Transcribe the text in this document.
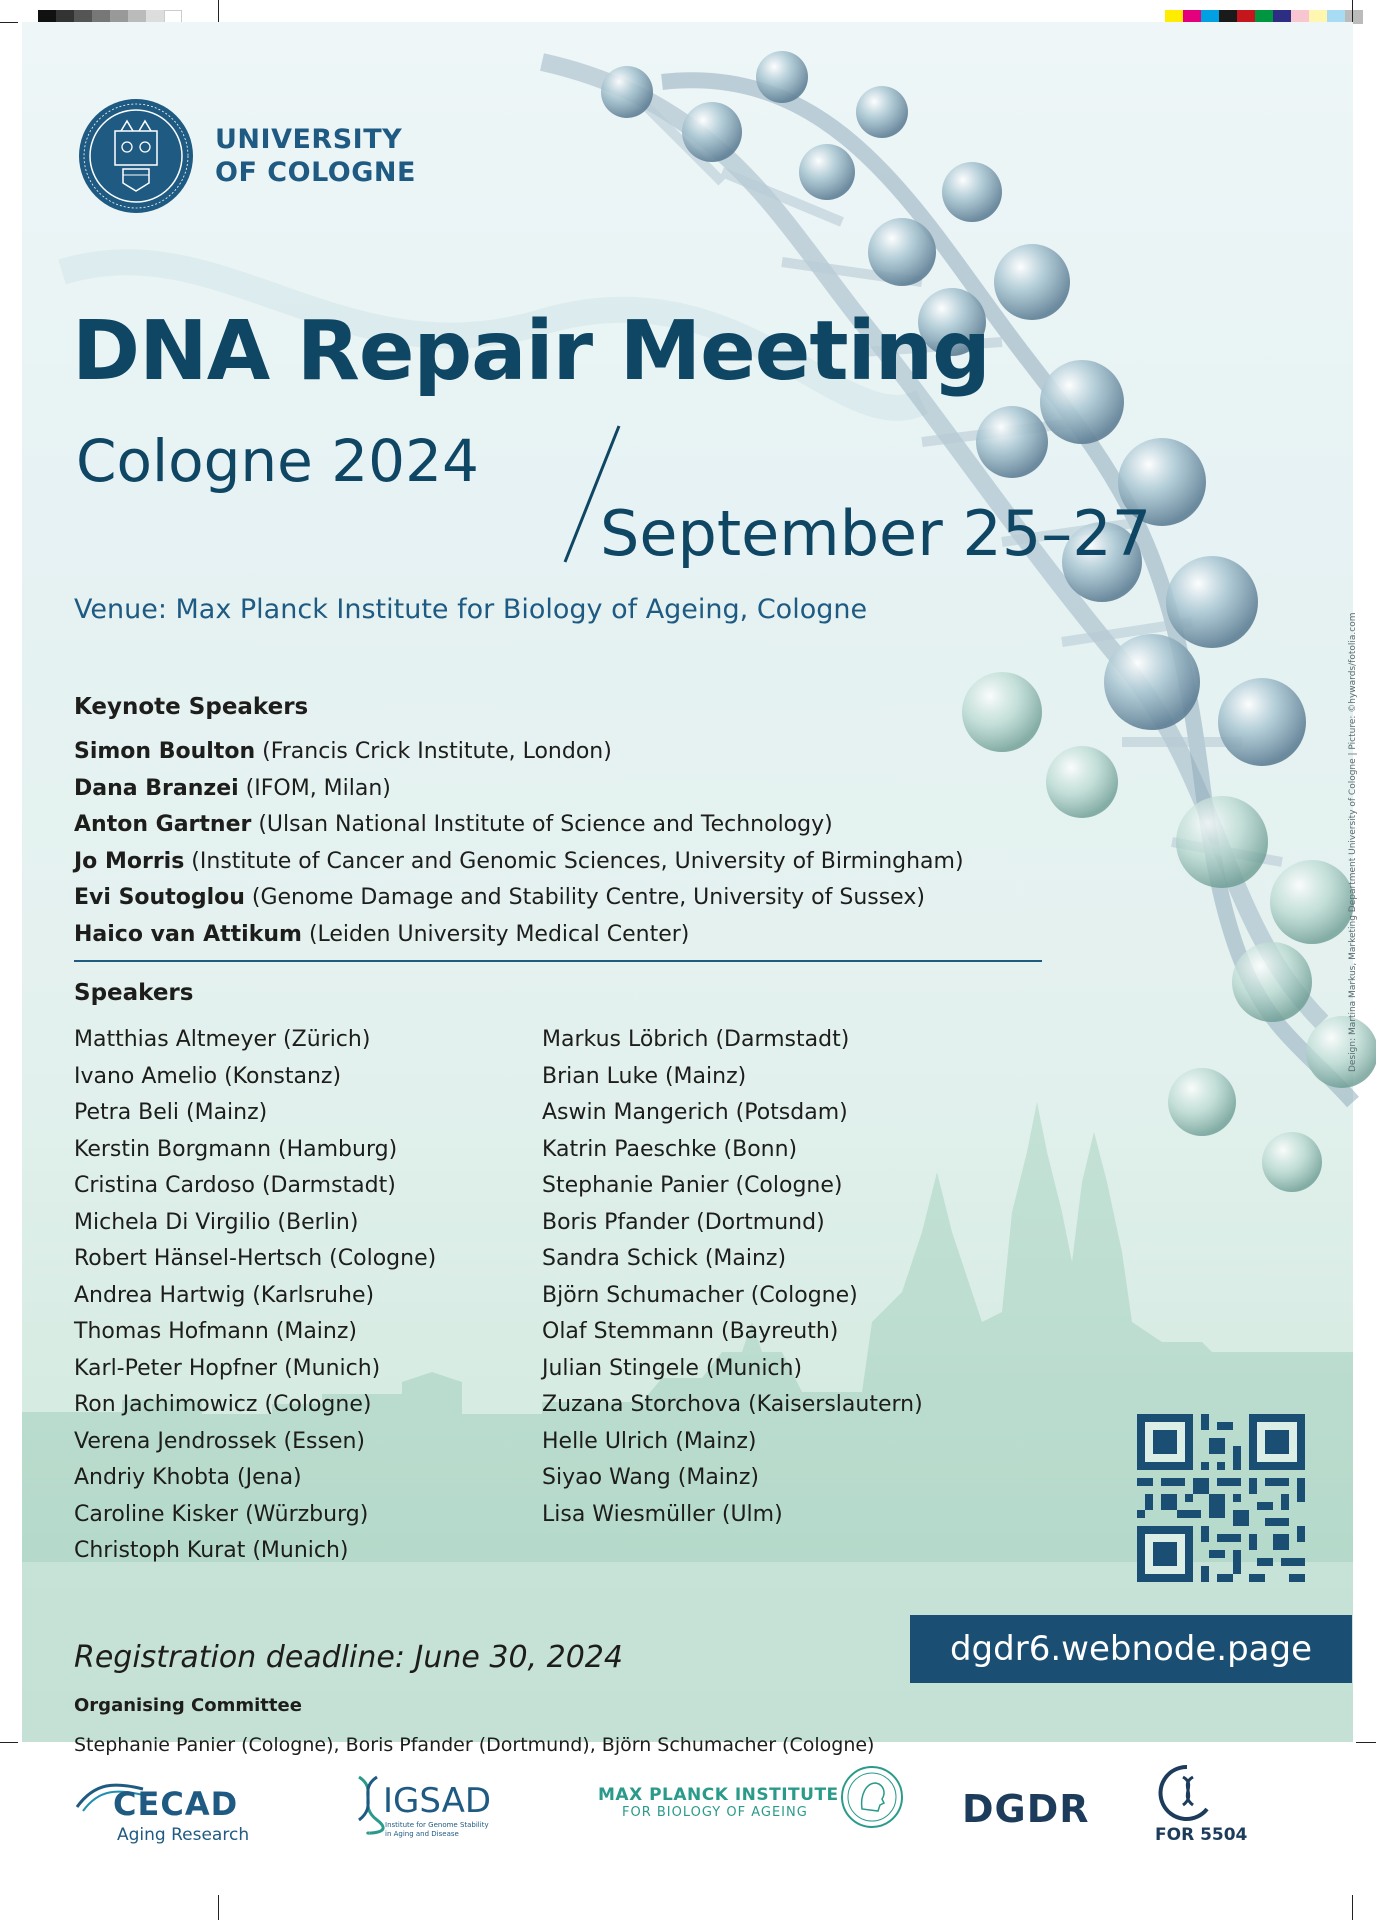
UNIVERSITY
OF COLOGNE
DNA Repair Meeting
Cologne 2024
September 25–27
Venue: Max Planck Institute for Biology of Ageing, Cologne
Keynote Speakers
Simon Boulton (Francis Crick Institute, London)
Dana Branzei (IFOM, Milan)
Anton Gartner (Ulsan National Institute of Science and Technology)
Jo Morris (Institute of Cancer and Genomic Sciences, University of Birmingham)
Evi Soutoglou (Genome Damage and Stability Centre, University of Sussex)
Haico van Attikum (Leiden University Medical Center)
Speakers
Matthias Altmeyer (Zürich)
Ivano Amelio (Konstanz)
Petra Beli (Mainz)
Kerstin Borgmann (Hamburg)
Cristina Cardoso (Darmstadt)
Michela Di Virgilio (Berlin)
Robert Hänsel-Hertsch (Cologne)
Andrea Hartwig (Karlsruhe)
Thomas Hofmann (Mainz)
Karl-Peter Hopfner (Munich)
Ron Jachimowicz (Cologne)
Verena Jendrossek (Essen)
Andriy Khobta (Jena)
Caroline Kisker (Würzburg)
Christoph Kurat (Munich)
Markus Löbrich (Darmstadt)
Brian Luke (Mainz)
Aswin Mangerich (Potsdam)
Katrin Paeschke (Bonn)
Stephanie Panier (Cologne)
Boris Pfander (Dortmund)
Sandra Schick (Mainz)
Björn Schumacher (Cologne)
Olaf Stemmann (Bayreuth)
Julian Stingele (Munich)
Zuzana Storchova (Kaiserslautern)
Helle Ulrich (Mainz)
Siyao Wang (Mainz)
Lisa Wiesmüller (Ulm)
dgdr6.webnode.page
Registration deadline: June 30, 2024
Organising Committee
Stephanie Panier (Cologne), Boris Pfander (Dortmund), Björn Schumacher (Cologne)
Design: Martina Markus, Marketing Department University of Cologne | Picture: ©hywards/fotolia.com
CECAD
Aging Research
IGSAD
Institute for Genome Stability
in Aging and Disease
MAX PLANCK INSTITUTE
FOR BIOLOGY OF AGEING	DGDR
FOR 5504
